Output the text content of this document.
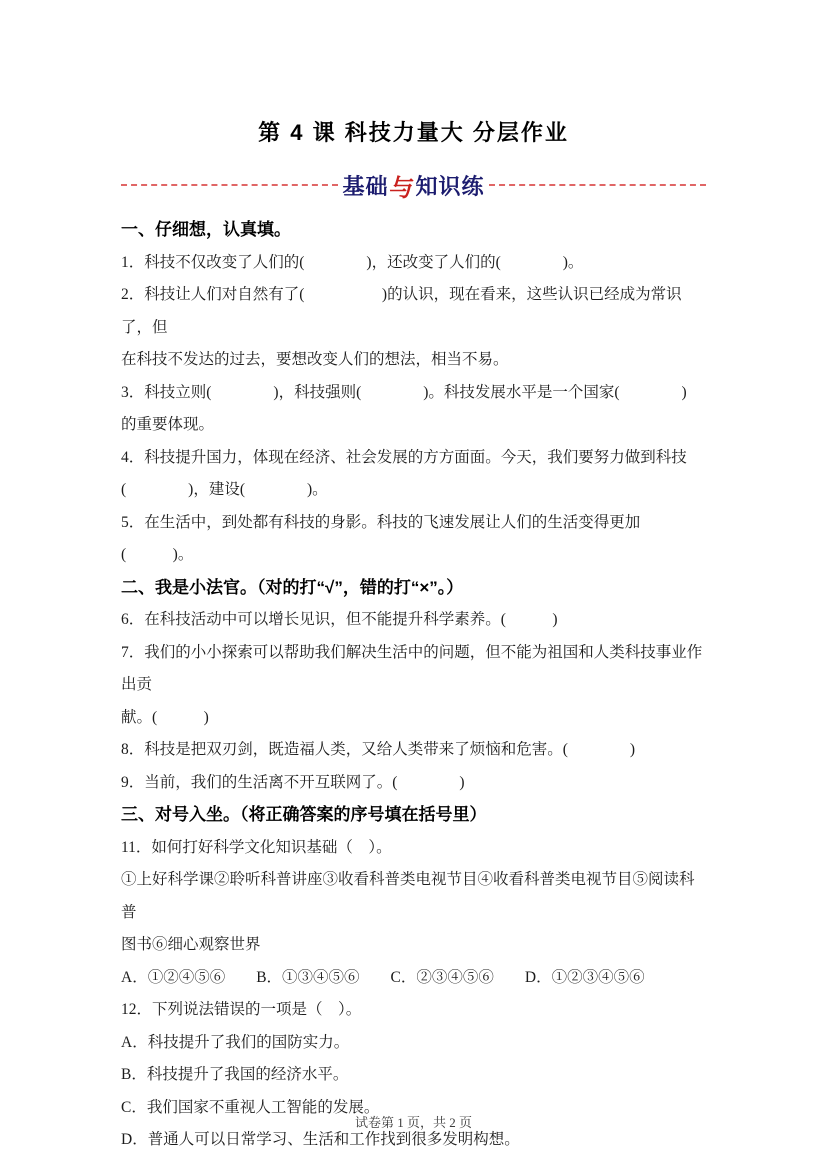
第 4 课 科技力量大 分层作业
基础
与 知识练
一、仔细想，认真填。

1．科技不仅改变了人们的(　　　　)，还改变了人们的(　　　　)。

2．科技让人们对自然有了(　　　　　)的认识，现在看来，这些认识已经成为常识了，但

在科技不发达的过去，要想改变人们的想法，相当不易。

3．科技立则(　　　　)，科技强则(　　　　)。科技发展水平是一个国家(　　　　)

的重要体现。

4．科技提升国力，体现在经济、社会发展的方方面面。今天，我们要努力做到科技

(　　　　)，建设(　　　　)。

5．在生活中，到处都有科技的身影。科技的飞速发展让人们的生活变得更加(　　　)。

二、我是小法官。（对的打“√”，错的打“×”。）

6．在科技活动中可以增长见识，但不能提升科学素养。(　　　)

7．我们的小小探索可以帮助我们解决生活中的问题，但不能为祖国和人类科技事业作出贡

献。(　　　)

8．科技是把双刃剑，既造福人类，又给人类带来了烦恼和危害。(　　　　)

9．当前，我们的生活离不开互联网了。(　　　　)

三、对号入坐。（将正确答案的序号填在括号里）

11．如何打好科学文化知识基础（　）。

①上好科学课②聆听科普讲座③收看科普类电视节目④收看科普类电视节目⑤阅读科普

图书⑥细心观察世界

A．①②④⑤⑥　　B．①③④⑤⑥　　C．②③④⑤⑥　　D．①②③④⑤⑥

12．下列说法错误的一项是（　）。

A．科技提升了我们的国防实力。

B．科技提升了我国的经济水平。

C．我们国家不重视人工智能的发展。

D．普通人可以日常学习、生活和工作找到很多发明构想。

试卷第 1 页，共 2 页
